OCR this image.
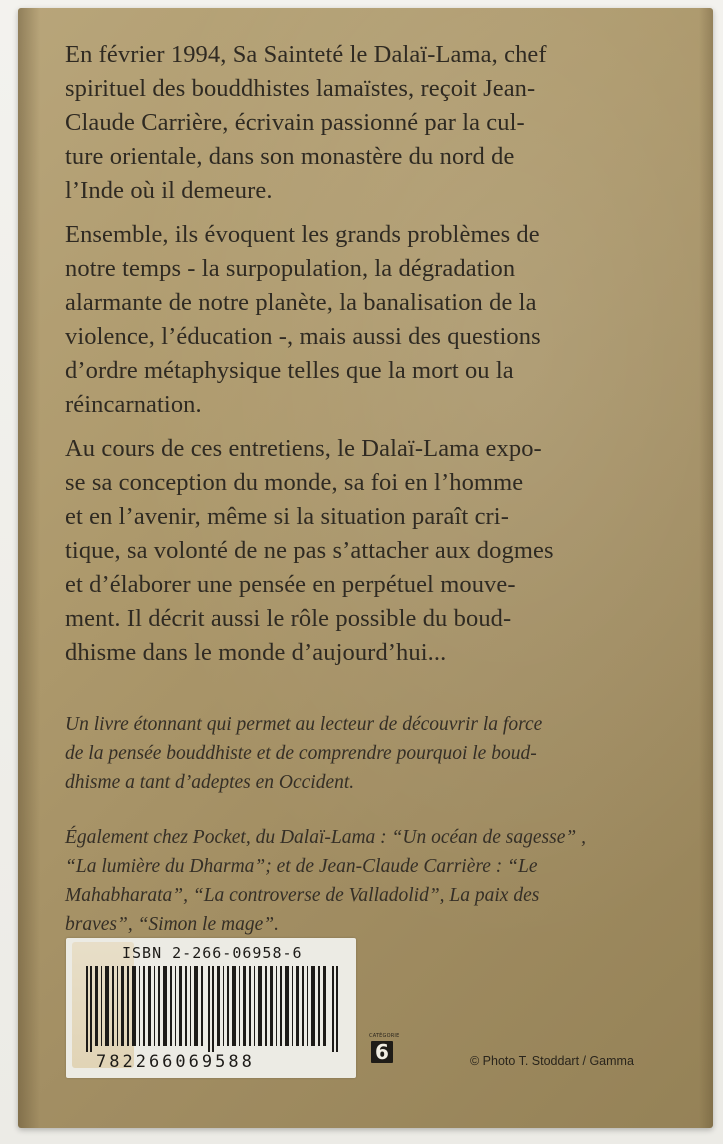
En février 1994, Sa Sainteté le Dalaï-Lama, chef
spirituel des bouddhistes lamaïstes, reçoit Jean-
Claude Carrière, écrivain passionné par la cul-
ture orientale, dans son monastère du nord de
l’Inde où il demeure.

Ensemble, ils évoquent les grands problèmes de
notre temps - la surpopulation, la dégradation
alarmante de notre planète, la banalisation de la
violence, l’éducation -, mais aussi des questions
d’ordre métaphysique telles que la mort ou la
réincarnation.

Au cours de ces entretiens, le Dalaï-Lama expo-
se sa conception du monde, sa foi en l’homme
et en l’avenir, même si la situation paraît cri-
tique, sa volonté de ne pas s’attacher aux dogmes
et d’élaborer une pensée en perpétuel mouve-
ment. Il décrit aussi le rôle possible du boud-
dhisme dans le monde d’aujourd’hui...

Un livre étonnant qui permet au lecteur de découvrir la force
de la pensée bouddhiste et de comprendre pourquoi le boud-
dhisme a tant d’adeptes en Occident.

Également chez Pocket, du Dalaï-Lama : “Un océan de sagesse” ,
“La lumière du Dharma”; et de Jean-Claude Carrière : “Le
Mahabharata”, “La controverse de Valladolid”, La paix des
braves”, “Simon le mage”.

ISBN 2-266-06958-6
782266069588
CATÉGORIE
6	© Photo T. Stoddart / Gamma
